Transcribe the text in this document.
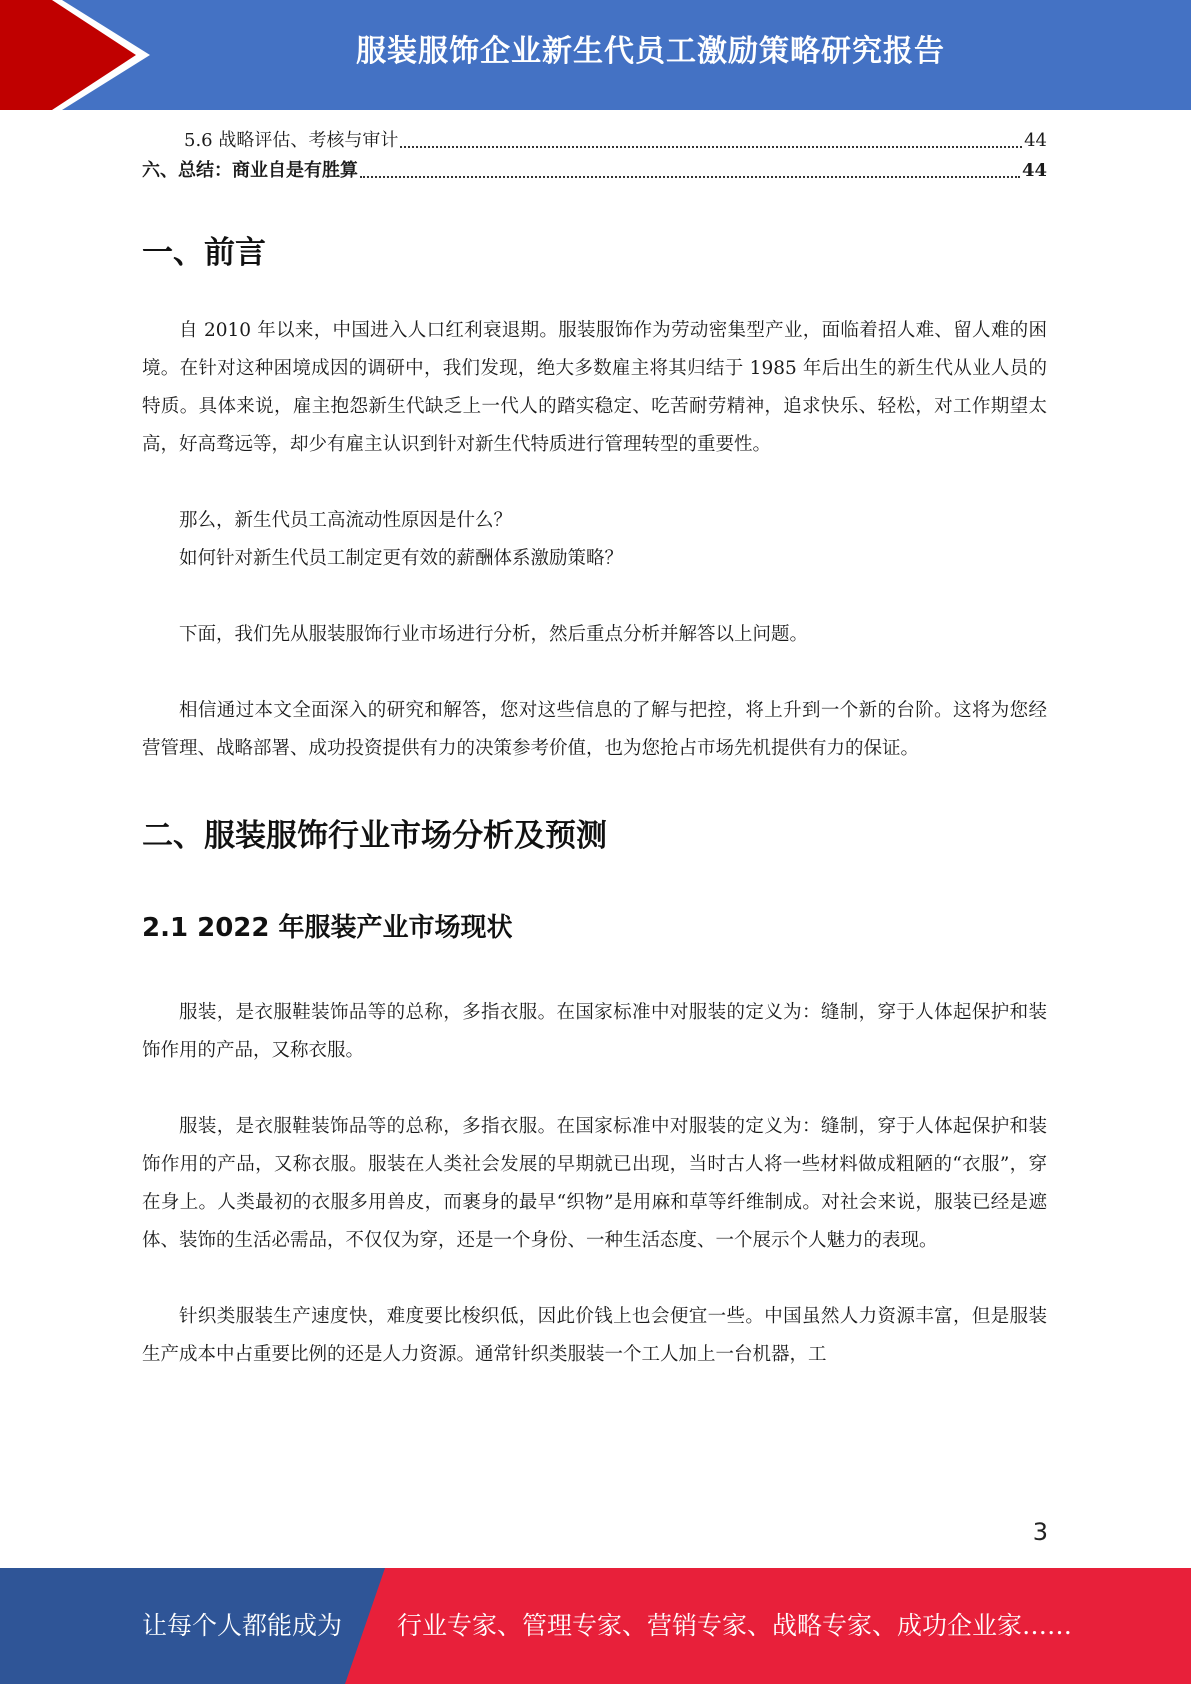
服装服饰企业新生代员工激励策略研究报告
5.6 战略评估、考核与审计	44
六、总结：商业自是有胜算	44
一、前言

自 2010 年以来，中国进入人口红利衰退期。服装服饰作为劳动密集型产业，面临着招人难、留人难的困境。在针对这种困境成因的调研中，我们发现，绝大多数雇主将其归结于 1985 年后出生的新生代从业人员的特质。具体来说，雇主抱怨新生代缺乏上一代人的踏实稳定、吃苦耐劳精神，追求快乐、轻松，对工作期望太高，好高骛远等，却少有雇主认识到针对新生代特质进行管理转型的重要性。

那么，新生代员工高流动性原因是什么？

如何针对新生代员工制定更有效的薪酬体系激励策略？

下面，我们先从服装服饰行业市场进行分析，然后重点分析并解答以上问题。

相信通过本文全面深入的研究和解答，您对这些信息的了解与把控，将上升到一个新的台阶。这将为您经营管理、战略部署、成功投资提供有力的决策参考价值，也为您抢占市场先机提供有力的保证。

二、服装服饰行业市场分析及预测
2.1 2022 年服装产业市场现状

服装，是衣服鞋装饰品等的总称，多指衣服。在国家标准中对服装的定义为：缝制，穿于人体起保护和装饰作用的产品，又称衣服。

服装，是衣服鞋装饰品等的总称，多指衣服。在国家标准中对服装的定义为：缝制，穿于人体起保护和装饰作用的产品，又称衣服。服装在人类社会发展的早期就已出现，当时古人将一些材料做成粗陋的“衣服”，穿在身上。人类最初的衣服多用兽皮，而裹身的最早“织物”是用麻和草等纤维制成。对社会来说，服装已经是遮体、装饰的生活必需品，不仅仅为穿，还是一个身份、一种生活态度、一个展示个人魅力的表现。

针织类服装生产速度快，难度要比梭织低，因此价钱上也会便宜一些。中国虽然人力资源丰富，但是服装生产成本中占重要比例的还是人力资源。通常针织类服装一个工人加上一台机器，工

3
让每个人都能成为 行业专家、管理专家、营销专家、战略专家、成功企业家……
